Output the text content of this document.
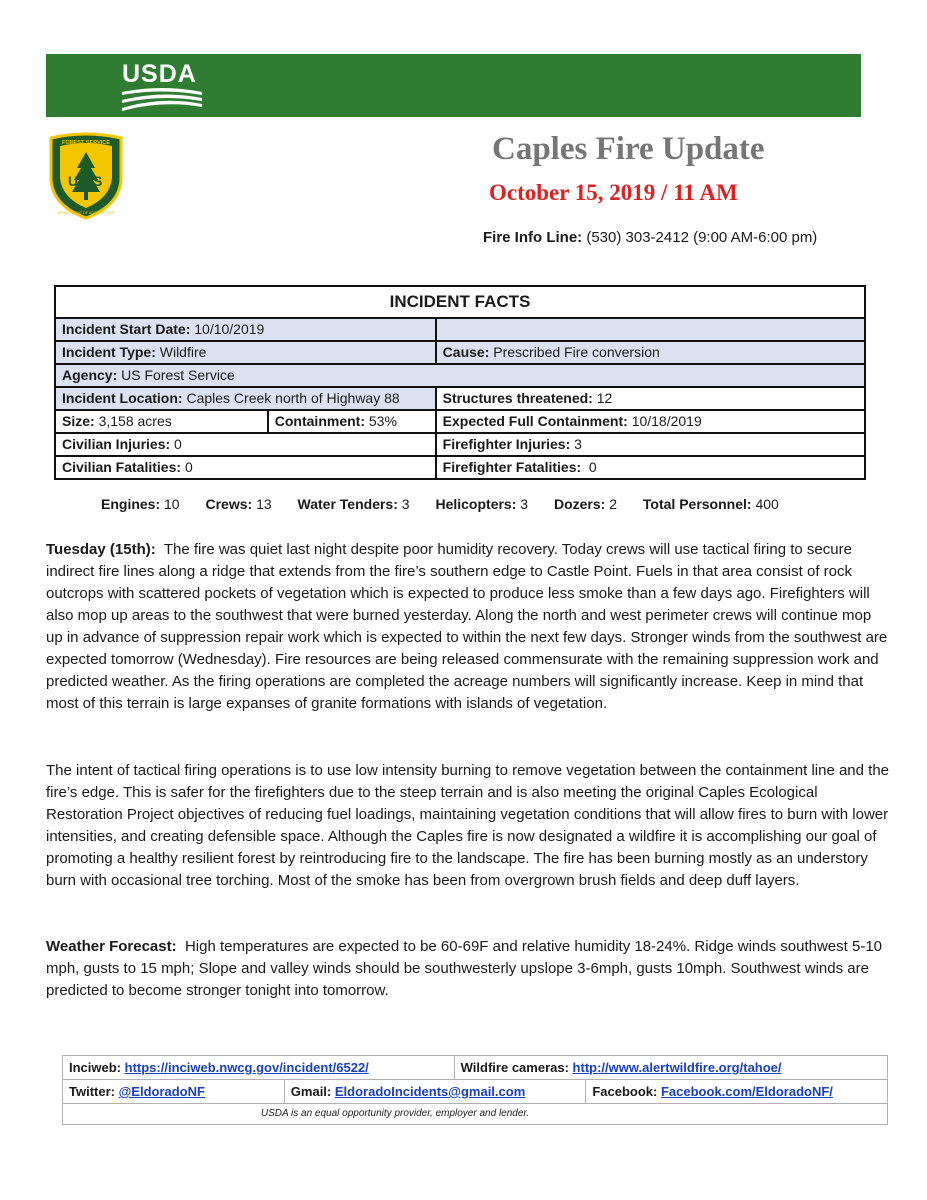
USDA
U S
FOREST SERVICE
DEPARTMENT OF AGRICULTURE
Caples Fire Update
October 15, 2019 / 11 AM
Fire Info Line: (530) 303-2412 (9:00 AM-6:00 pm)
INCIDENT FACTS		
Incident Start Date: 10/10/2019		
Incident Type: Wildfire		Cause: Prescribed Fire conversion
Agency: US Forest Service		
Incident Location: Caples Creek north of Highway 88		Structures threatened: 12
Size: 3,158 acres	Containment: 53%	Expected Full Containment: 10/18/2019
Civilian Injuries: 0		Firefighter Injuries: 3
Civilian Fatalities: 0		Firefighter Fatalities: 0
Engines: 10 Crews: 13 Water Tenders: 3 Helicopters: 3 Dozers: 2 Total Personnel: 400

Tuesday (15th): The fire was quiet last night despite poor humidity recovery. Today crews will use tactical firing to secure indirect fire lines along a ridge that extends from the fire’s southern edge to Castle Point. Fuels in that area consist of rock outcrops with scattered pockets of vegetation which is expected to produce less smoke than a few days ago. Firefighters will also mop up areas to the southwest that were burned yesterday. Along the north and west perimeter crews will continue mop up in advance of suppression repair work which is expected to within the next few days. Stronger winds from the southwest are expected tomorrow (Wednesday). Fire resources are being released commensurate with the remaining suppression work and predicted weather. As the firing operations are completed the acreage numbers will significantly increase. Keep in mind that most of this terrain is large expanses of granite formations with islands of vegetation.

The intent of tactical firing operations is to use low intensity burning to remove vegetation between the containment line and the fire’s edge. This is safer for the firefighters due to the steep terrain and is also meeting the original Caples Ecological Restoration Project objectives of reducing fuel loadings, maintaining vegetation conditions that will allow fires to burn with lower intensities, and creating defensible space. Although the Caples fire is now designated a wildfire it is accomplishing our goal of promoting a healthy resilient forest by reintroducing fire to the landscape. The fire has been burning mostly as an understory burn with occasional tree torching. Most of the smoke has been from overgrown brush fields and deep duff layers.

Weather Forecast: High temperatures are expected to be 60-69F and relative humidity 18-24%. Ridge winds southwest 5-10 mph, gusts to 15 mph; Slope and valley winds should be southwesterly upslope 3-6mph, gusts 10mph. Southwest winds are predicted to become stronger tonight into tomorrow.

Inciweb: https://inciweb.nwcg.gov/incident/6522/		Wildfire cameras: http://www.alertwildfire.org/tahoe/	
Twitter: @EldoradoNF	Gmail: EldoradoIncidents@gmail.com		Facebook: Facebook.com/EldoradoNF/
USDA is an equal opportunity provider, employer and lender.			
